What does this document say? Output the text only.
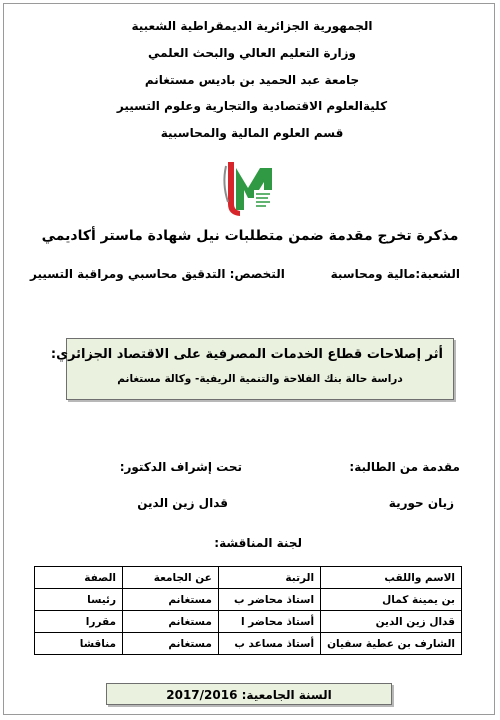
الجمهورية الجزائرية الديمقراطية الشعبية
وزارة التعليم العالي والبحث العلمي
جامعة عبد الحميد بن باديس مستغانم
كليةالعلوم الاقتصادية والتجارية وعلوم التسيير
قسم العلوم المالية والمحاسبية
مذكرة تخرج مقدمة ضمن متطلبات نيل شهادة ماستر أكاديمي
الشعبة:مالية ومحاسبة
التخصص: التدقيق محاسبي ومراقبة التسيير
أثر إصلاحات قطاع الخدمات المصرفية على الاقتصاد الجزائري:
دراسة حالة بنك الفلاحة والتنمية الريفية- وكالة مستغانم
مقدمة من الطالبة:
تحت إشراف الدكتور:
زيان حورية
قدال زين الدين
لجنة المناقشة:
الاسم واللقب	الرتبة	عن الجامعة	الصفة
بن يمينة كمال	استاذ محاضر ب	مستغانم	رئيسا
قدال زين الدين	أستاذ محاضر ا	مستغانم	مقررا
الشارف بن عطية سفيان	أستاذ مساعد ب	مستغانم	مناقشا
السنة الجامعية: 2017/2016
